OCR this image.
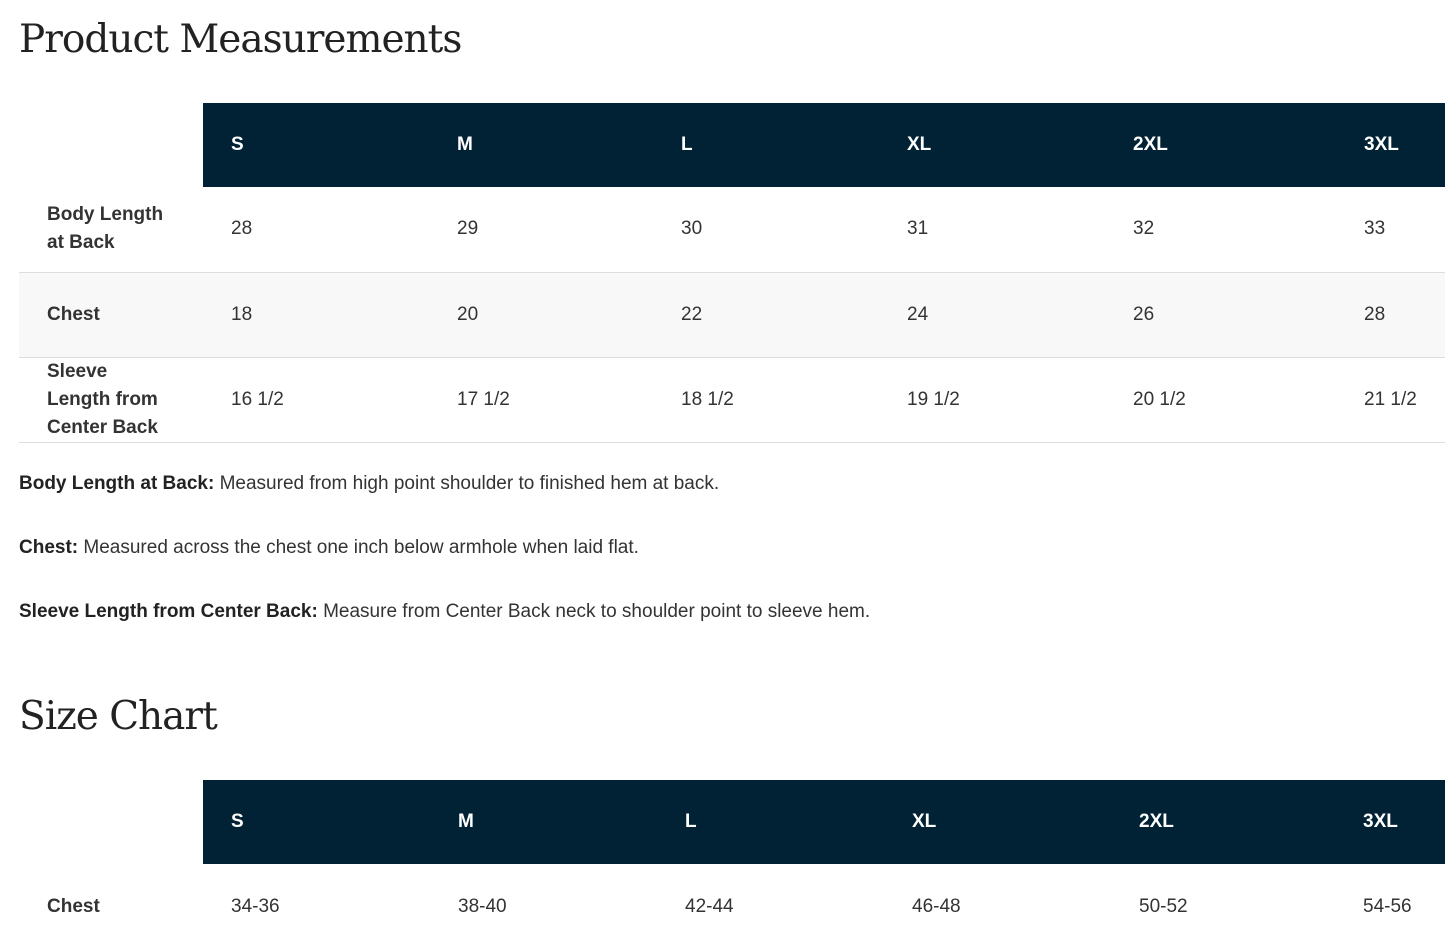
Product Measurements
	S	M	L	XL	2XL	3XL
Body Length at Back	28	29	30	31	32	33
Chest	18	20	22	24	26	28
Sleeve Length from Center Back	16 1/2	17 1/2	18 1/2	19 1/2	20 1/2	21 1/2

Body Length at Back: Measured from high point shoulder to finished hem at back.

Chest: Measured across the chest one inch below armhole when laid flat.

Sleeve Length from Center Back: Measure from Center Back neck to shoulder point to sleeve hem.

Size Chart
	S	M	L	XL	2XL	3XL
Chest	34-36	38-40	42-44	46-48	50-52	54-56
